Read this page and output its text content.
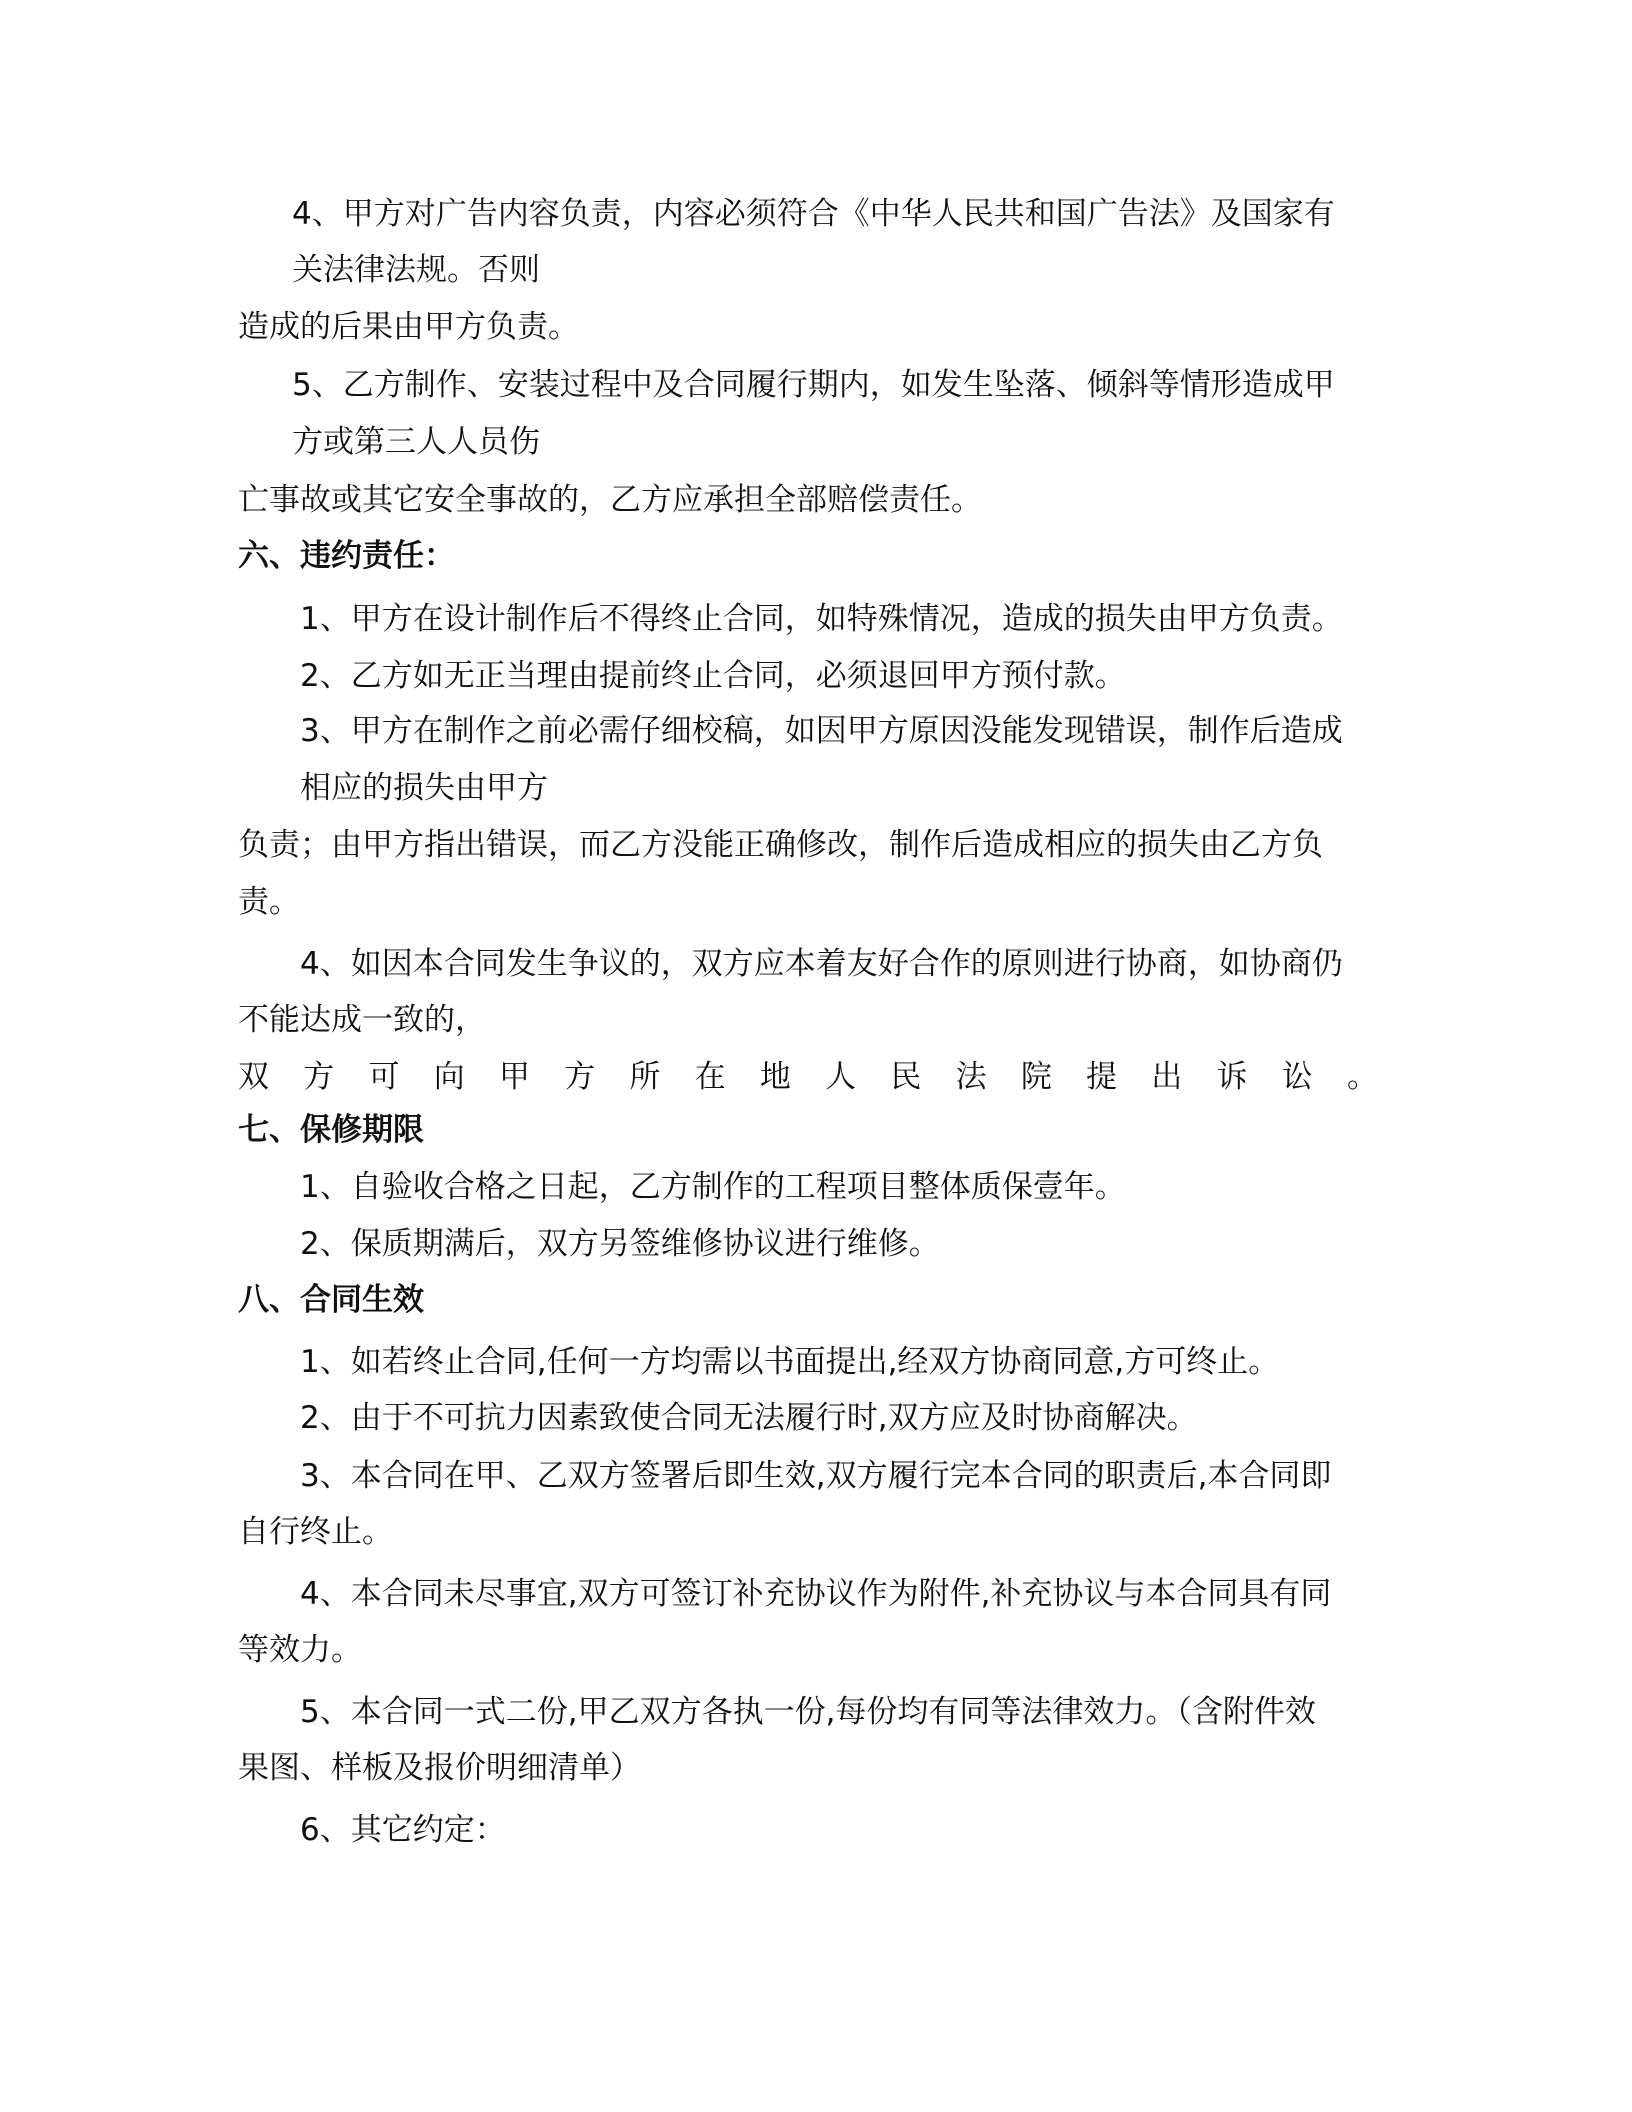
4、甲方对广告内容负责，内容必须符合《中华人民共和国广告法》及国家有
关法律法规。否则
造成的后果由甲方负责。
5、乙方制作、安装过程中及合同履行期内，如发生坠落、倾斜等情形造成甲
方或第三人人员伤
亡事故或其它安全事故的，乙方应承担全部赔偿责任。
六、违约责任：
1、甲方在设计制作后不得终止合同，如特殊情况，造成的损失由甲方负责。
2、乙方如无正当理由提前终止合同，必须退回甲方预付款。
3、甲方在制作之前必需仔细校稿，如因甲方原因没能发现错误，制作后造成
相应的损失由甲方
负责；由甲方指出错误，而乙方没能正确修改，制作后造成相应的损失由乙方负
责。
4、如因本合同发生争议的，双方应本着友好合作的原则进行协商，如协商仍
不能达成一致的，
双 方 可 向 甲 方 所 在 地 人 民 法 院 提 出 诉 讼 。
七、保修期限
1、自验收合格之日起，乙方制作的工程项目整体质保壹年。
2、保质期满后，双方另签维修协议进行维修。
八、合同生效
1、如若终止合同,任何一方均需以书面提出,经双方协商同意,方可终止。
2、由于不可抗力因素致使合同无法履行时,双方应及时协商解决。
3、本合同在甲、乙双方签署后即生效,双方履行完本合同的职责后,本合同即
自行终止。
4、本合同未尽事宜,双方可签订补充协议作为附件,补充协议与本合同具有同
等效力。
5、本合同一式二份,甲乙双方各执一份,每份均有同等法律效力。（含附件效
果图、样板及报价明细清单）
6、其它约定：
